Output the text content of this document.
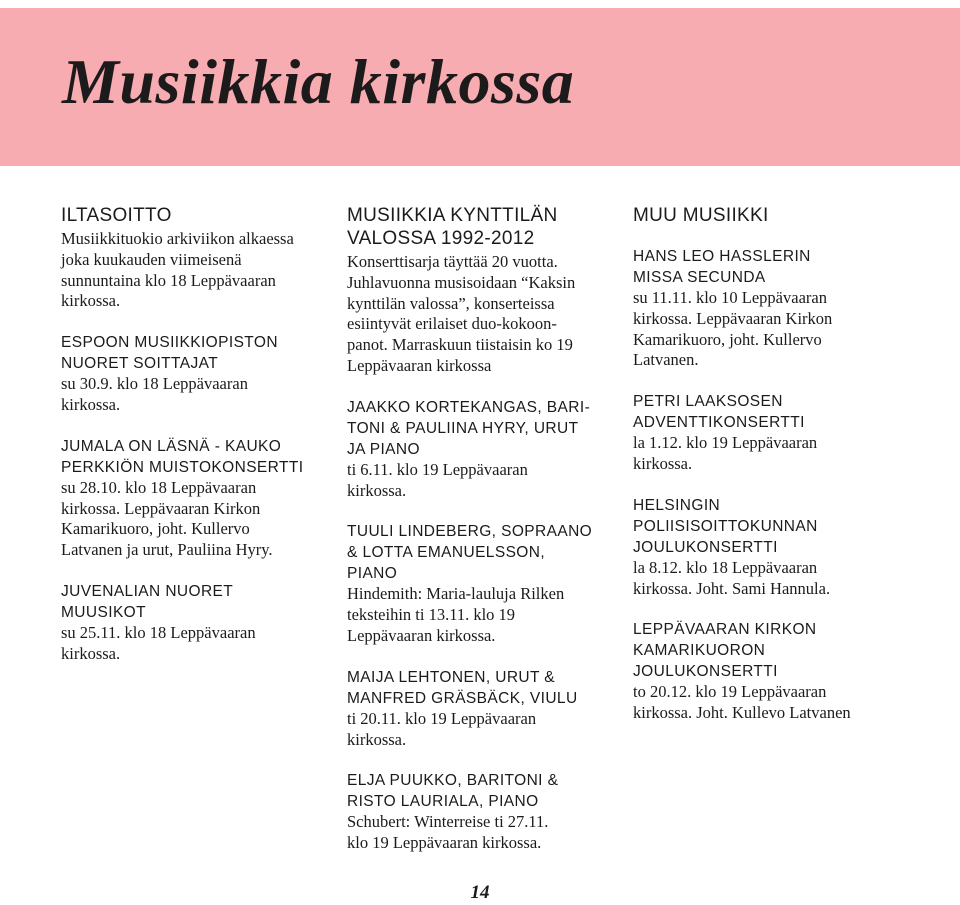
Musiikkia kirkossa
ILTASOITTO
Musiikkituokio arkiviikon alkaessa
joka kuukauden viimeisenä
sunnuntaina klo 18 Leppävaaran
kirkossa.
ESPOON MUSIIKKIOPISTON
NUORET SOITTAJAT
su 30.9. klo 18 Leppävaaran
kirkossa.
JUMALA ON LÄSNÄ - KAUKO
PERKKIÖN MUISTOKONSERTTI
su 28.10. klo 18 Leppävaaran
kirkossa. Leppävaaran Kirkon
Kamarikuoro, joht. Kullervo
Latvanen ja urut, Pauliina Hyry.
JUVENALIAN NUORET
MUUSIKOT
su 25.11. klo 18 Leppävaaran
kirkossa.
MUSIIKKIA KYNTTILÄN
VALOSSA 1992-2012
Konserttisarja täyttää 20 vuotta.
Juhlavuonna musisoidaan “Kaksin
kynttilän valossa”, konserteissa
esiintyvät erilaiset duo-kokoon-
panot. Marraskuun tiistaisin ko 19
Leppävaaran kirkossa
JAAKKO KORTEKANGAS, BARI-
TONI & PAULIINA HYRY, URUT
JA PIANO
ti 6.11. klo 19 Leppävaaran
kirkossa.
TUULI LINDEBERG, SOPRAANO
& LOTTA EMANUELSSON,
PIANO
Hindemith: Maria-lauluja Rilken
teksteihin ti 13.11. klo 19
Leppävaaran kirkossa.
MAIJA LEHTONEN, URUT &
MANFRED GRÄSBÄCK, VIULU
ti 20.11. klo 19 Leppävaaran
kirkossa.
ELJA PUUKKO, BARITONI &
RISTO LAURIALA, PIANO
Schubert: Winterreise ti 27.11.
klo 19 Leppävaaran kirkossa.
MUU MUSIIKKI
HANS LEO HASSLERIN
MISSA SECUNDA
su 11.11. klo 10 Leppävaaran
kirkossa. Leppävaaran Kirkon
Kamarikuoro, joht. Kullervo
Latvanen.
PETRI LAAKSOSEN
ADVENTTIKONSERTTI
la 1.12. klo 19 Leppävaaran
kirkossa.
HELSINGIN
POLIISISOITTOKUNNAN
JOULUKONSERTTI
la 8.12. klo 18 Leppävaaran
kirkossa. Joht. Sami Hannula.
LEPPÄVAARAN KIRKON
KAMARIKUORON
JOULUKONSERTTI
to 20.12. klo 19 Leppävaaran
kirkossa. Joht. Kullevo Latvanen
14
